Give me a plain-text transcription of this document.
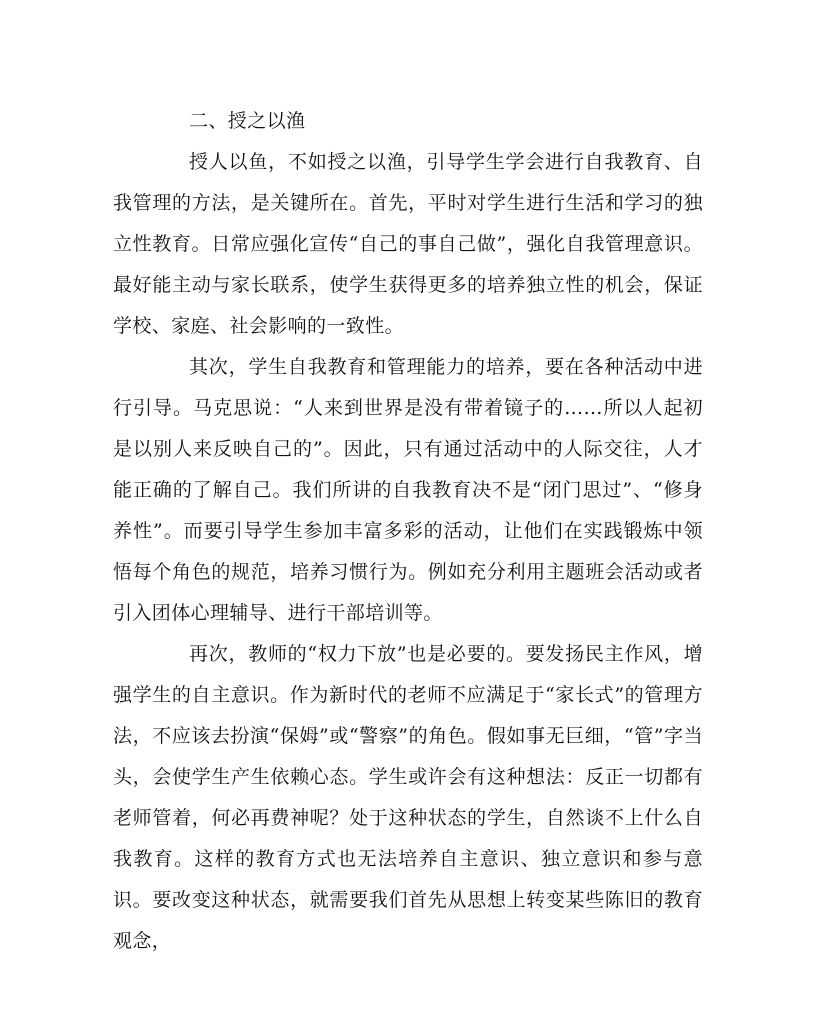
二、授之以渔

授人以鱼，不如授之以渔，引导学生学会进行自我教育、自我管理的方法，是关键所在。首先，平时对学生进行生活和学习的独立性教育。日常应强化宣传“自己的事自己做”，强化自我管理意识。最好能主动与家长联系，使学生获得更多的培养独立性的机会，保证学校、家庭、社会影响的一致性。

其次，学生自我教育和管理能力的培养，要在各种活动中进行引导。马克思说：“人来到世界是没有带着镜子的……所以人起初是以别人来反映自己的”。因此，只有通过活动中的人际交往，人才能正确的了解自己。我们所讲的自我教育决不是“闭门思过”、“修身养性”。而要引导学生参加丰富多彩的活动，让他们在实践锻炼中领悟每个角色的规范，培养习惯行为。例如充分利用主题班会活动或者引入团体心理辅导、进行干部培训等。

再次，教师的“权力下放”也是必要的。要发扬民主作风，增强学生的自主意识。作为新时代的老师不应满足于“家长式”的管理方法，不应该去扮演“保姆”或“警察”的角色。假如事无巨细，“管”字当头，会使学生产生依赖心态。学生或许会有这种想法：反正一切都有老师管着，何必再费神呢？处于这种状态的学生，自然谈不上什么自我教育。这样的教育方式也无法培养自主意识、独立意识和参与意识。要改变这种状态，就需要我们首先从思想上转变某些陈旧的教育观念，
